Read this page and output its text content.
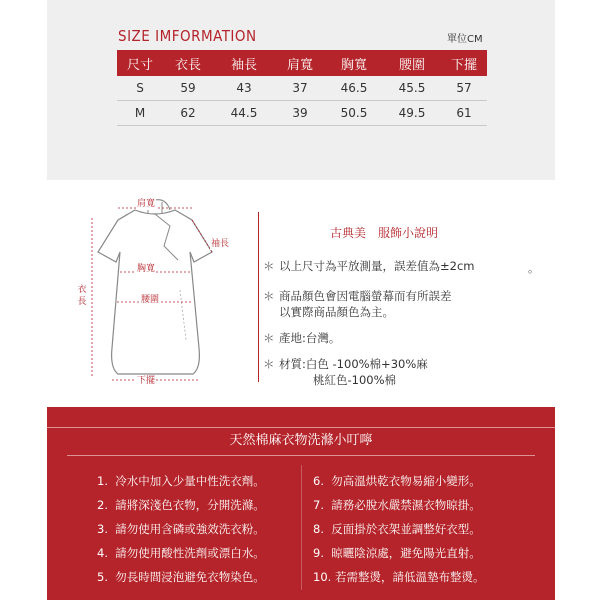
SIZE IMFORMATION	單位CM
尺寸	衣長	袖長	肩寬	胸寬	腰圍	下擺
S	59	43	37	46.5	45.5	57
M	62	44.5	39	50.5	49.5	61
肩寬
袖長
衣長
胸寬
腰圍
下擺
古典美　服飾小說明
＊ 以上尺寸為平放測量，誤差值為±2cm	。
＊ 商品顏色會因電腦螢幕而有所誤差
以實際商品顏色為主。
＊ 產地:台灣。
＊ 材質:白色 -100%棉+30%麻
桃紅色-100%棉
天然棉麻衣物洗滌小叮嚀
1. 冷水中加入少量中性洗衣劑。
2. 請將深淺色衣物，分開洗滌。
3. 請勿使用含磷或強效洗衣粉。
4. 請勿使用酸性洗劑或漂白水。
5. 勿長時間浸泡避免衣物染色。
6. 勿高溫烘乾衣物易縮小變形。
7. 請務必脫水嚴禁濕衣物晾掛。
8. 反面掛於衣架並調整好衣型。
9. 晾曬陰涼處，避免陽光直射。
10. 若需整燙，請低溫墊布整燙。
